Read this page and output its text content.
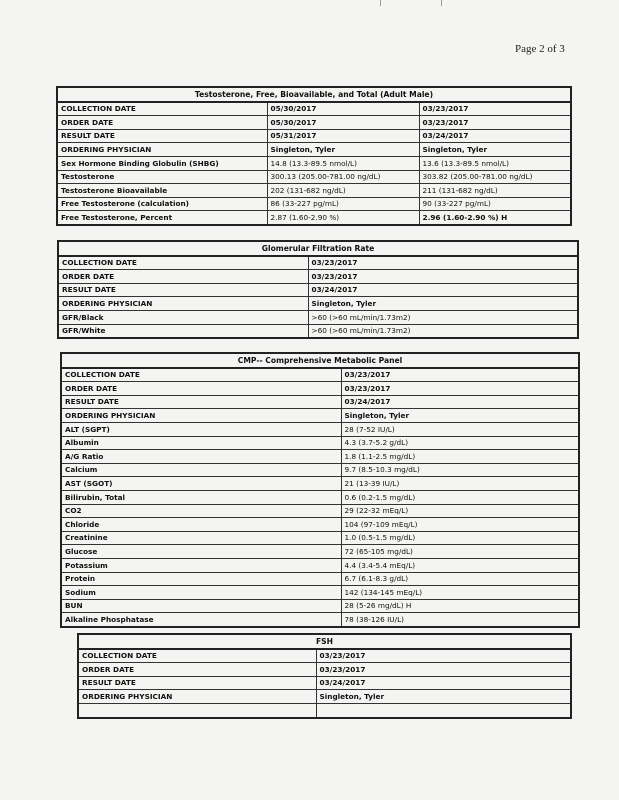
Page 2 of 3
Testosterone, Free, Bioavailable, and Total (Adult Male)		
COLLECTION DATE	05/30/2017	03/23/2017
ORDER DATE	05/30/2017	03/23/2017
RESULT DATE	05/31/2017	03/24/2017
ORDERING PHYSICIAN	Singleton, Tyler	Singleton, Tyler
Sex Hormone Binding Globulin (SHBG)	14.8 (13.3-89.5 nmol/L)	13.6 (13.3-89.5 nmol/L)
Testosterone	300.13 (205.00-781.00 ng/dL)	303.82 (205.00-781.00 ng/dL)
Testosterone Bioavailable	202 (131-682 ng/dL)	211 (131-682 ng/dL)
Free Testosterone (calculation)	86 (33-227 pg/mL)	90 (33-227 pg/mL)
Free Testosterone, Percent	2.87 (1.60-2.90 %)	2.96 (1.60-2.90 %) H
Glomerular Filtration Rate	
COLLECTION DATE	03/23/2017
ORDER DATE	03/23/2017
RESULT DATE	03/24/2017
ORDERING PHYSICIAN	Singleton, Tyler
GFR/Black	>60 (>60 mL/min/1.73m2)
GFR/White	>60 (>60 mL/min/1.73m2)
CMP-- Comprehensive Metabolic Panel	
COLLECTION DATE	03/23/2017
ORDER DATE	03/23/2017
RESULT DATE	03/24/2017
ORDERING PHYSICIAN	Singleton, Tyler
ALT (SGPT)	28 (7-52 IU/L)
Albumin	4.3 (3.7-5.2 g/dL)
A/G Ratio	1.8 (1.1-2.5 mg/dL)
Calcium	9.7 (8.5-10.3 mg/dL)
AST (SGOT)	21 (13-39 IU/L)
Bilirubin, Total	0.6 (0.2-1.5 mg/dL)
CO2	29 (22-32 mEq/L)
Chloride	104 (97-109 mEq/L)
Creatinine	1.0 (0.5-1.5 mg/dL)
Glucose	72 (65-105 mg/dL)
Potassium	4.4 (3.4-5.4 mEq/L)
Protein	6.7 (6.1-8.3 g/dL)
Sodium	142 (134-145 mEq/L)
BUN	28 (5-26 mg/dL) H
Alkaline Phosphatase	78 (38-126 IU/L)
FSH	
COLLECTION DATE	03/23/2017
ORDER DATE	03/23/2017
RESULT DATE	03/24/2017
ORDERING PHYSICIAN	Singleton, Tyler
